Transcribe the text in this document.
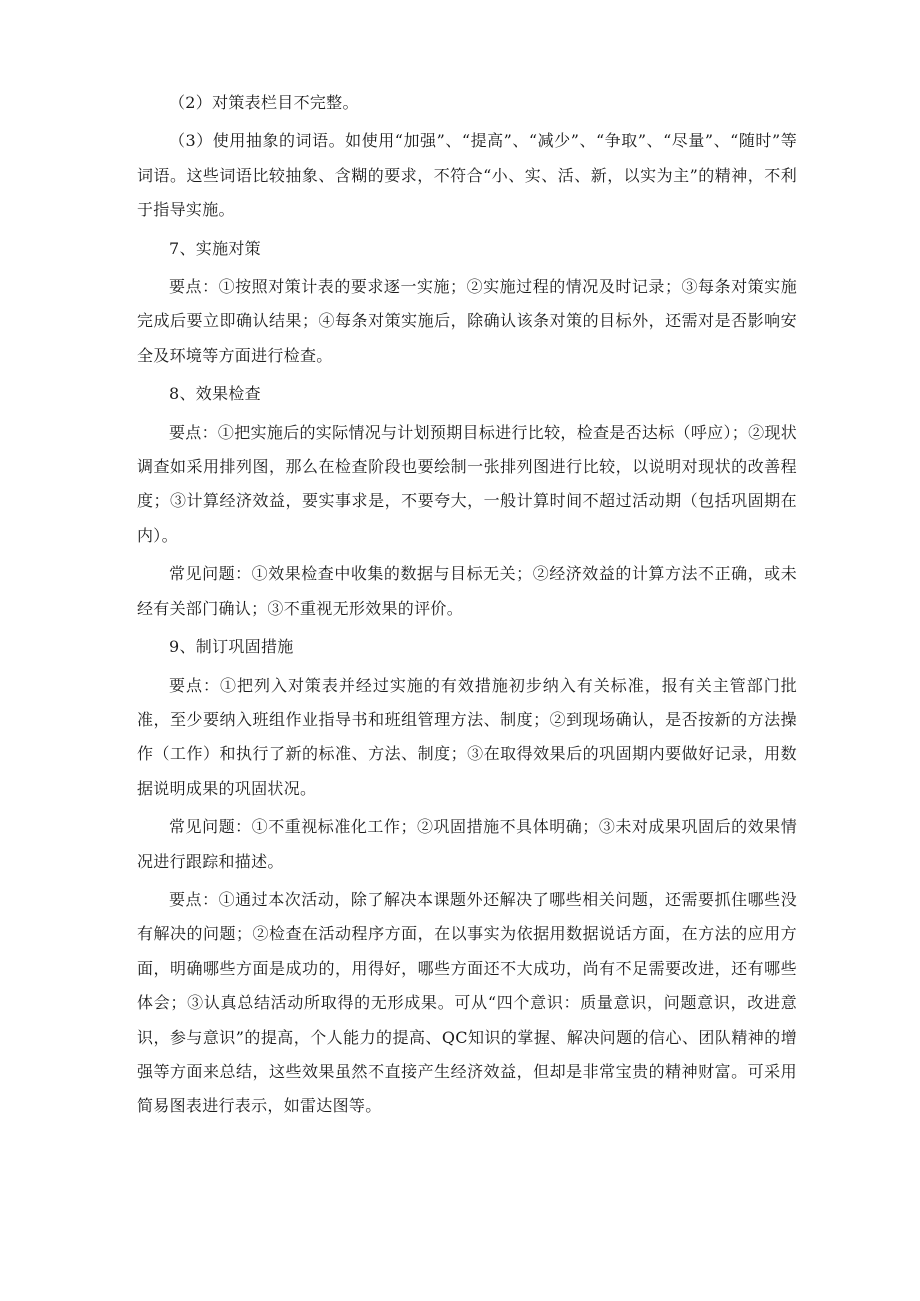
（2）对策表栏目不完整。

（3）使用抽象的词语。如使用“加强”、“提高”、“减少”、“争取”、“尽量”、“随时”等词语。这些词语比较抽象、含糊的要求，不符合“小、实、活、新，以实为主”的精神，不利于指导实施。

7、实施对策

要点：①按照对策计表的要求逐一实施；②实施过程的情况及时记录；③每条对策实施完成后要立即确认结果；④每条对策实施后，除确认该条对策的目标外，还需对是否影响安全及环境等方面进行检查。

8、效果检查

要点：①把实施后的实际情况与计划预期目标进行比较，检查是否达标（呼应）；②现状调查如采用排列图，那么在检查阶段也要绘制一张排列图进行比较，以说明对现状的改善程度；③计算经济效益，要实事求是，不要夸大，一般计算时间不超过活动期（包括巩固期在内）。

常见问题：①效果检查中收集的数据与目标无关；②经济效益的计算方法不正确，或未经有关部门确认；③不重视无形效果的评价。

9、制订巩固措施

要点：①把列入对策表并经过实施的有效措施初步纳入有关标准，报有关主管部门批准，至少要纳入班组作业指导书和班组管理方法、制度；②到现场确认，是否按新的方法操作（工作）和执行了新的标准、方法、制度；③在取得效果后的巩固期内要做好记录，用数据说明成果的巩固状况。

常见问题：①不重视标准化工作；②巩固措施不具体明确；③未对成果巩固后的效果情况进行跟踪和描述。

要点：①通过本次活动，除了解决本课题外还解决了哪些相关问题，还需要抓住哪些没有解决的问题；②检查在活动程序方面，在以事实为依据用数据说话方面，在方法的应用方面，明确哪些方面是成功的，用得好，哪些方面还不大成功，尚有不足需要改进，还有哪些体会；③认真总结活动所取得的无形成果。可从“四个意识：质量意识，问题意识，改进意识，参与意识”的提高，个人能力的提高、QC知识的掌握、解决问题的信心、团队精神的增强等方面来总结，这些效果虽然不直接产生经济效益，但却是非常宝贵的精神财富。可采用简易图表进行表示，如雷达图等。
